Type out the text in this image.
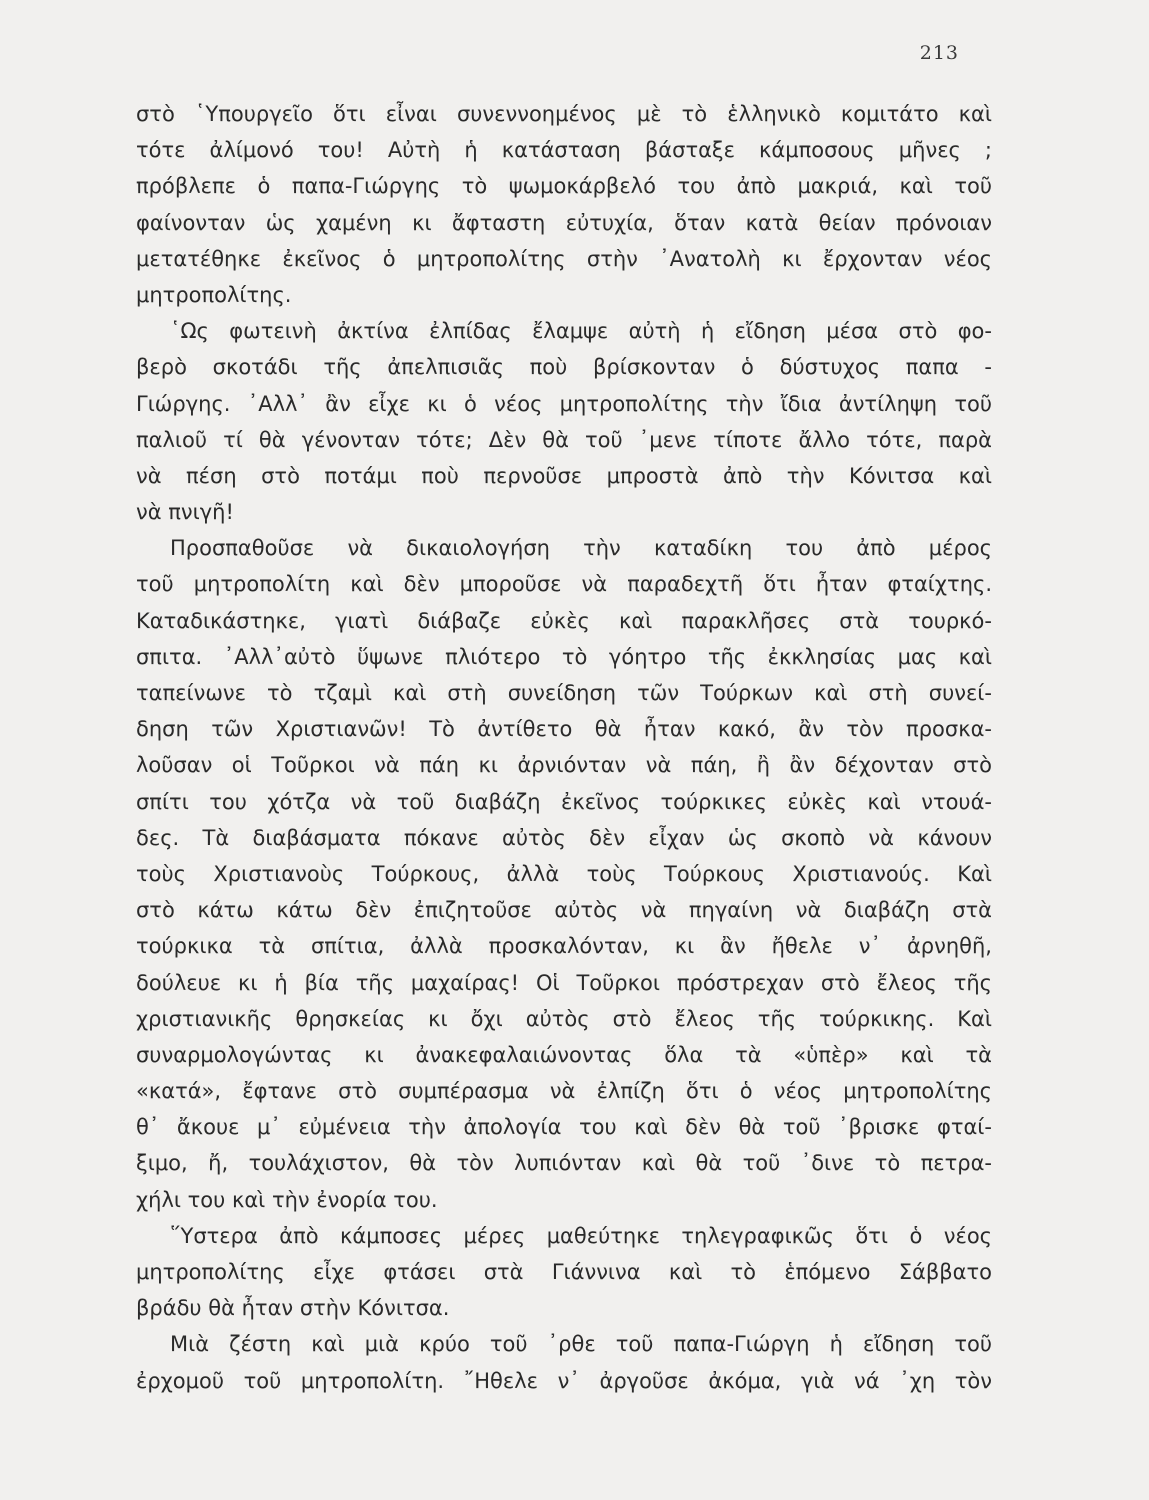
213
στὸ ῾Υπουργεῖο ὅτι εἶναι συνεννοημένος μὲ τὸ ἑλληνικὸ κομιτάτο καὶ
τότε ἀλίμονό του! Αὐτὴ ἡ κατάσταση βάσταξε κάμποσους μῆνες ;
πρόβλεπε ὁ παπα-Γιώργης τὸ ψωμοκάρβελό του ἀπὸ μακριά, καὶ τοῦ
φαίνονταν ὡς χαμένη κι ἄφταστη εὐτυχία, ὅταν κατὰ θείαν πρόνοιαν
μετατέθηκε ἐκεῖνος ὁ μητροπολίτης στὴν ᾿Ανατολὴ κι ἔρχονταν νέος
μητροπολίτης.
῾Ως φωτεινὴ ἀκτίνα ἐλπίδας ἔλαμψε αὐτὴ ἡ εἴδηση μέσα στὸ φο-
βερὸ σκοτάδι τῆς ἀπελπισιᾶς ποὺ βρίσκονταν ὁ δύστυχος παπα -
Γιώργης. ᾿Αλλ᾿ ἂν εἶχε κι ὁ νέος μητροπολίτης τὴν ἴδια ἀντίληψη τοῦ
παλιοῦ τί θὰ γένονταν τότε; Δὲν θὰ τοῦ ᾿μενε τίποτε ἄλλο τότε, παρὰ
νὰ πέση στὸ ποτάμι ποὺ περνοῦσε μπροστὰ ἀπὸ τὴν Κόνιτσα καὶ
νὰ πνιγῆ!
Προσπαθοῦσε νὰ δικαιολογήση τὴν καταδίκη του ἀπὸ μέρος
τοῦ μητροπολίτη καὶ δὲν μποροῦσε νὰ παραδεχτῆ ὅτι ἦταν φταίχτης.
Καταδικάστηκε, γιατὶ διάβαζε εὐκὲς καὶ παρακλῆσες στὰ τουρκό-
σπιτα. ᾿Αλλ᾿αὐτὸ ὕψωνε πλιότερο τὸ γόητρο τῆς ἐκκλησίας μας καὶ
ταπείνωνε τὸ τζαμὶ καὶ στὴ συνείδηση τῶν Τούρκων καὶ στὴ συνεί-
δηση τῶν Χριστιανῶν! Τὸ ἀντίθετο θὰ ἦταν κακό, ἂν τὸν προσκα-
λοῦσαν οἱ Τοῦρκοι νὰ πάη κι ἀρνιόνταν νὰ πάη, ἢ ἂν δέχονταν στὸ
σπίτι του χότζα νὰ τοῦ διαβάζη ἐκεῖνος τούρκικες εὐκὲς καὶ ντουά-
δες. Τὰ διαβάσματα πόκανε αὐτὸς δὲν εἶχαν ὡς σκοπὸ νὰ κάνουν
τοὺς Χριστιανοὺς Τούρκους, ἀλλὰ τοὺς Τούρκους Χριστιανούς. Καὶ
στὸ κάτω κάτω δὲν ἐπιζητοῦσε αὐτὸς νὰ πηγαίνη νὰ διαβάζη στὰ
τούρκικα τὰ σπίτια, ἀλλὰ προσκαλόνταν, κι ἂν ἤθελε ν᾿ ἀρνηθῆ,
δούλευε κι ἡ βία τῆς μαχαίρας! Οἱ Τοῦρκοι πρόστρεχαν στὸ ἔλεος τῆς
χριστιανικῆς θρησκείας κι ὄχι αὐτὸς στὸ ἔλεος τῆς τούρκικης. Καὶ
συναρμολογώντας κι ἀνακεφαλαιώνοντας ὅλα τὰ «ὑπὲρ» καὶ τὰ
«κατά», ἔφτανε στὸ συμπέρασμα νὰ ἐλπίζη ὅτι ὁ νέος μητροπολίτης
θ᾿ ἄκουε μ᾿ εὐμένεια τὴν ἀπολογία του καὶ δὲν θὰ τοῦ ᾿βρισκε φταί-
ξιμο, ἤ, τουλάχιστον, θὰ τὸν λυπιόνταν καὶ θὰ τοῦ ᾿δινε τὸ πετρα-
χήλι του καὶ τὴν ἐνορία του.
῞Υστερα ἀπὸ κάμποσες μέρες μαθεύτηκε τηλεγραφικῶς ὅτι ὁ νέος
μητροπολίτης εἶχε φτάσει στὰ Γιάννινα καὶ τὸ ἑπόμενο Σάββατο
βράδυ θὰ ἦταν στὴν Κόνιτσα.
Μιὰ ζέστη καὶ μιὰ κρύο τοῦ ᾿ρθε τοῦ παπα-Γιώργη ἡ εἴδηση τοῦ
ἐρχομοῦ τοῦ μητροπολίτη. ῎Ηθελε ν᾿ ἀργοῦσε ἀκόμα, γιὰ νά ᾿χη τὸν
